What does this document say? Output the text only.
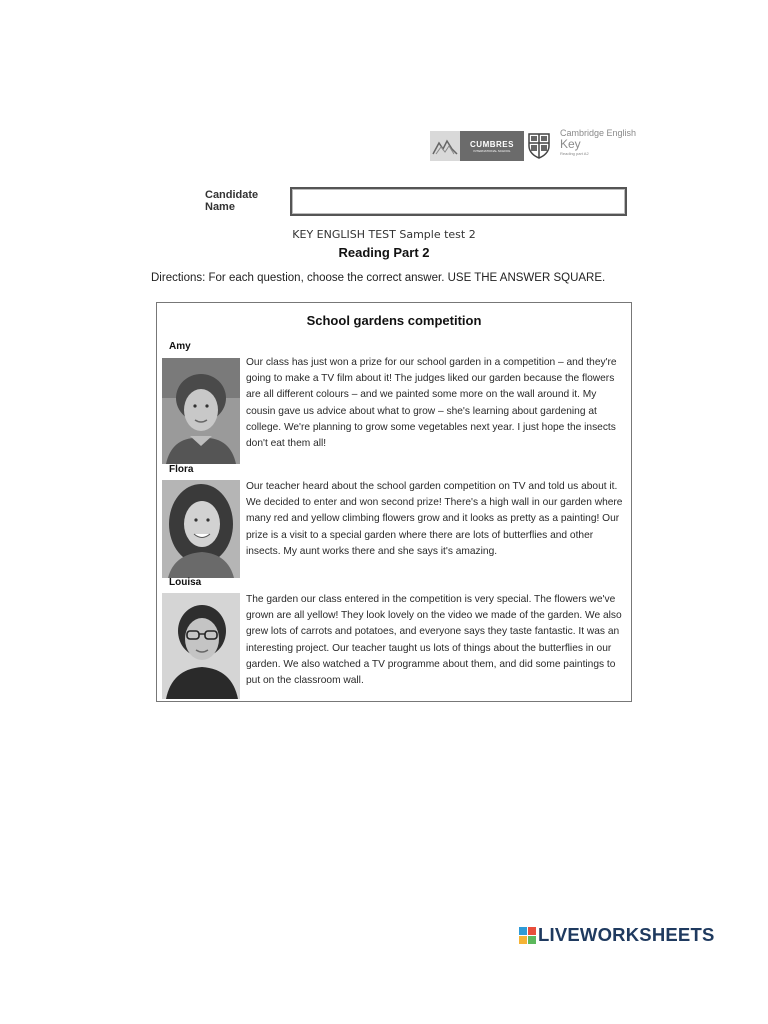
CUMBRES
INTERNATIONAL SCHOOL
Cambridge English
Key
Reading part A2
Candidate Name
KEY ENGLISH TEST Sample test 2
Reading Part 2
Directions: For each question, choose the correct answer. USE THE ANSWER SQUARE.
School gardens competition
Amy

Our class has just won a prize for our school garden in a competition – and they're going to make a TV film about it! The judges liked our garden because the flowers are all different colours – and we painted some more on the wall around it. My cousin gave us advice about what to grow – she's learning about gardening at college. We're planning to grow some vegetables next year. I just hope the insects don't eat them all!

Flora

Our teacher heard about the school garden competition on TV and told us about it. We decided to enter and won second prize! There's a high wall in our garden where many red and yellow climbing flowers grow and it looks as pretty as a painting! Our prize is a visit to a special garden where there are lots of butterflies and other insects. My aunt works there and she says it's amazing.

Louisa

The garden our class entered in the competition is very special. The flowers we've grown are all yellow! They look lovely on the video we made of the garden. We also grew lots of carrots and potatoes, and everyone says they taste fantastic. It was an interesting project. Our teacher taught us lots of things about the butterflies in our garden. We also watched a TV programme about them, and did some paintings to put on the classroom wall.

LIVEWORKSHEETS
